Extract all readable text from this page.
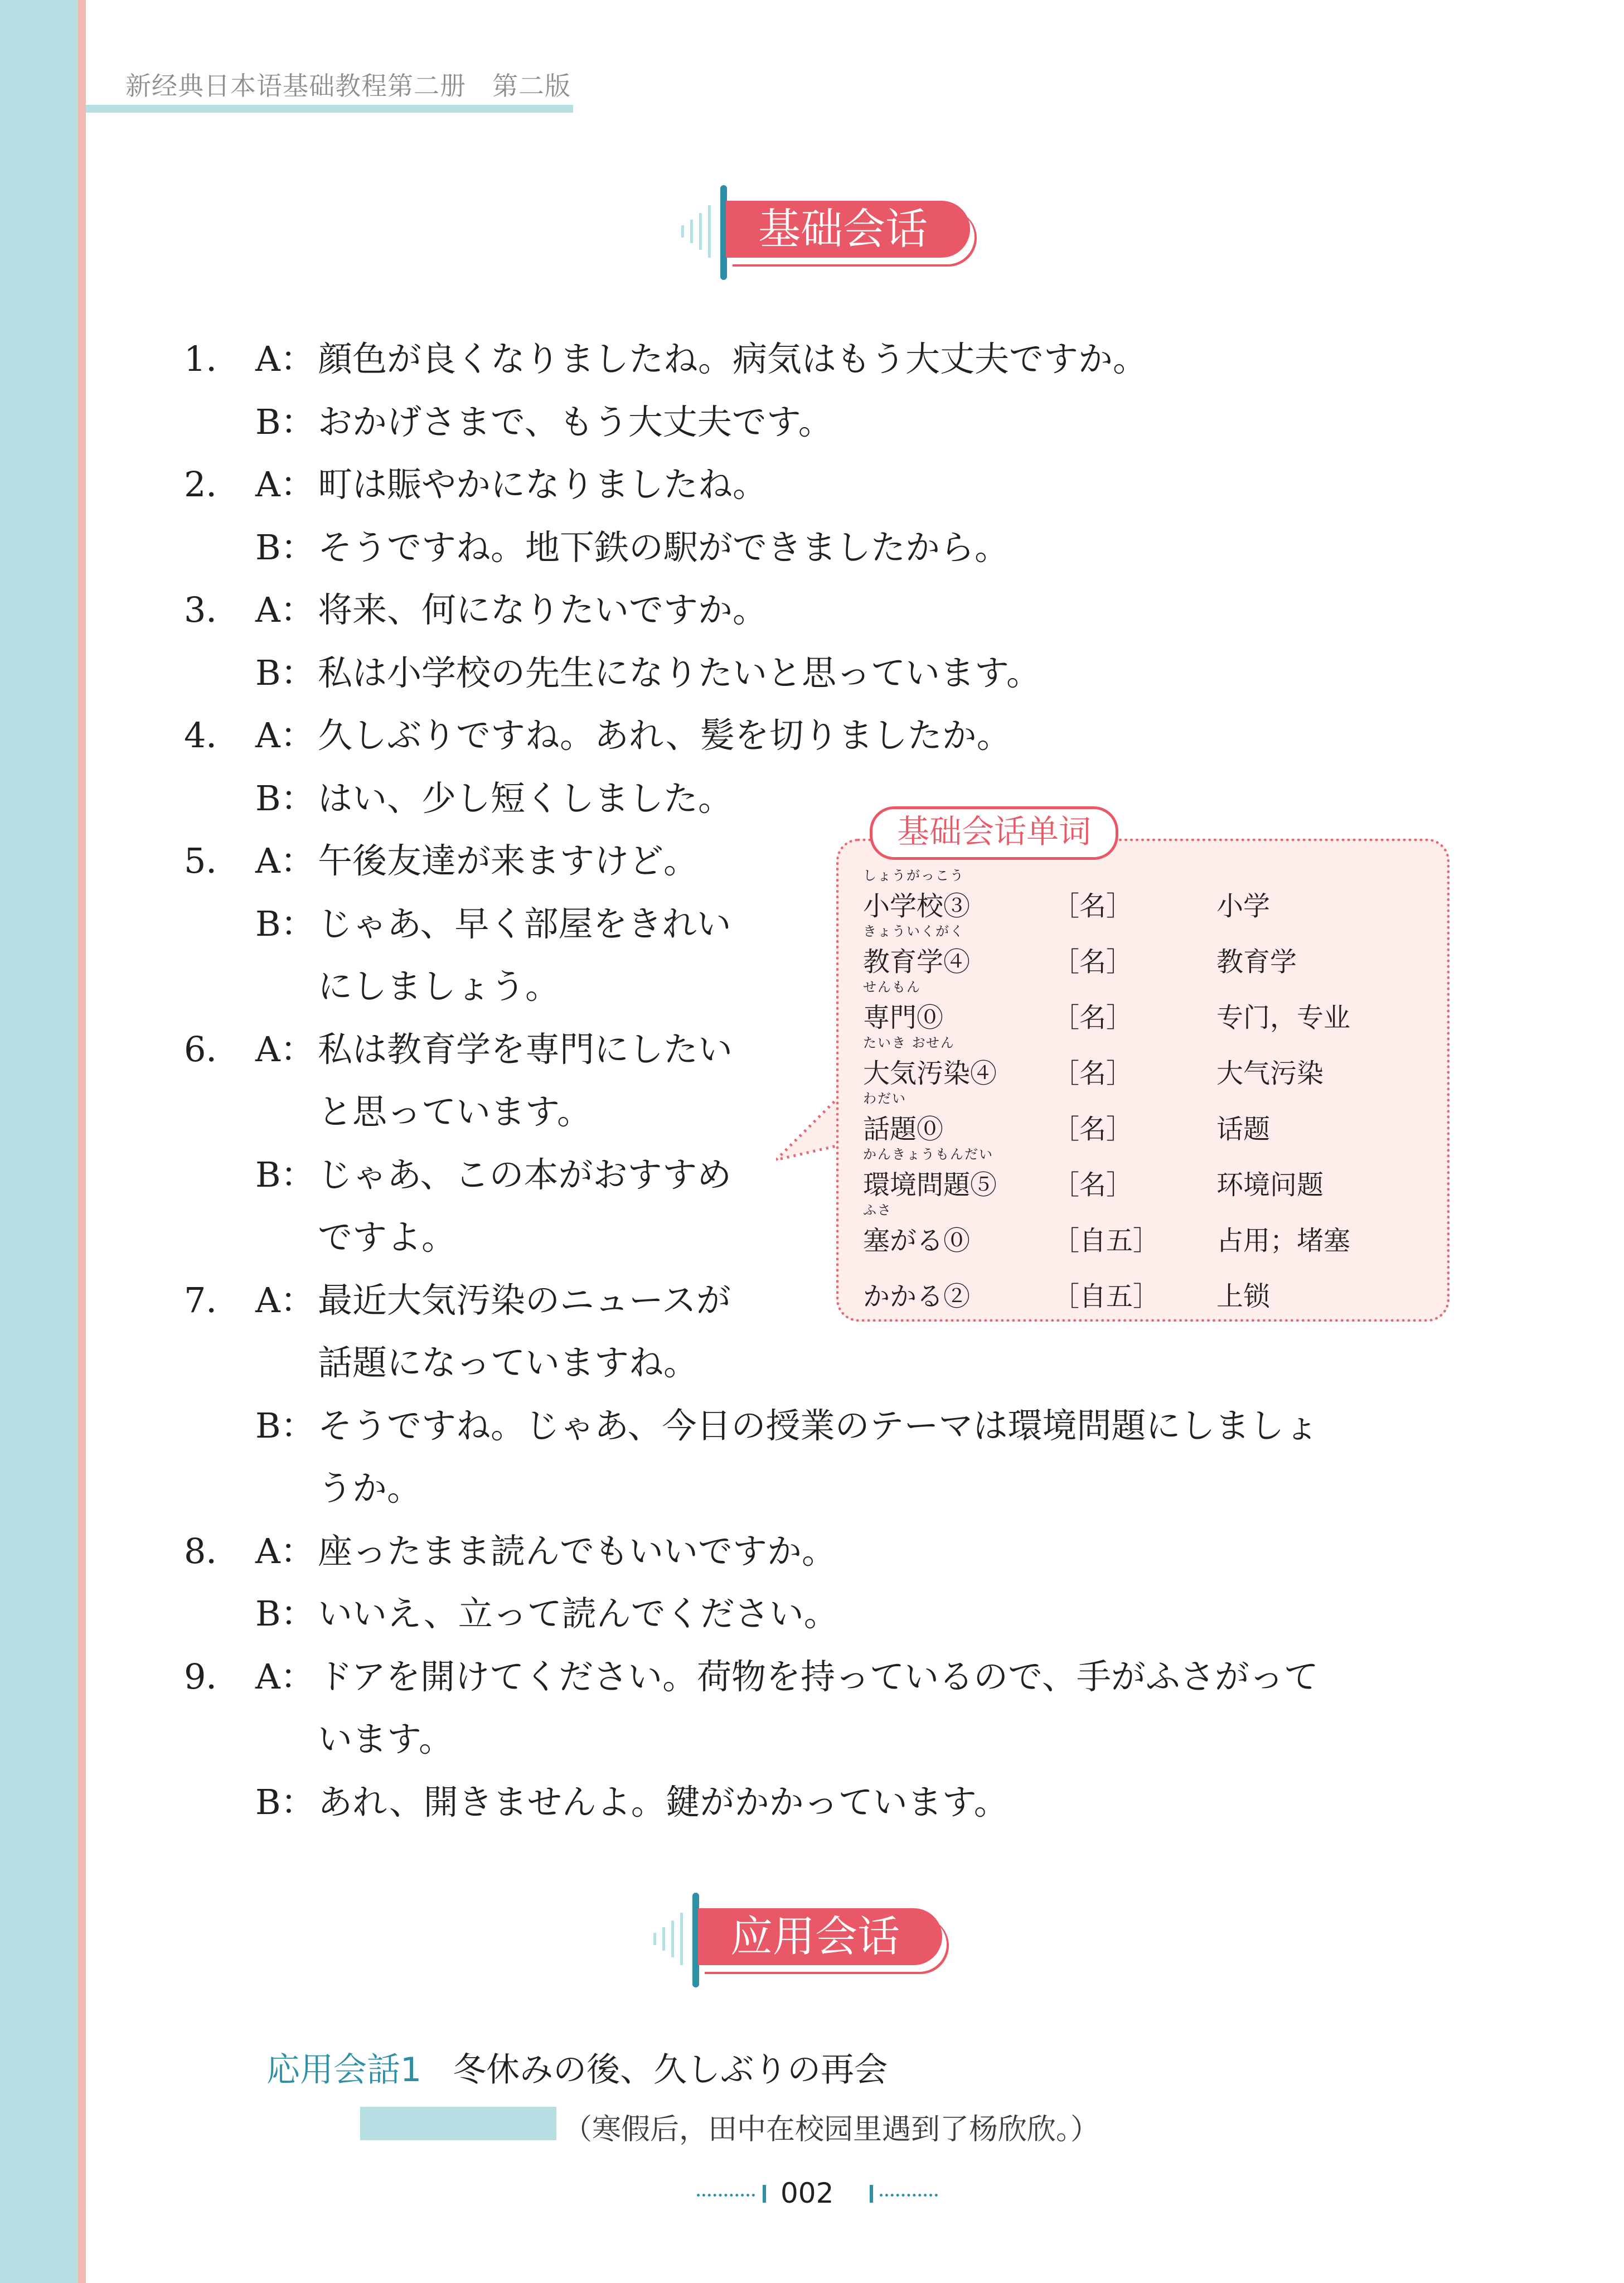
新经典日本语基础教程第二册　第二版
基础会话
1． A： 顔色が良くなりましたね。病気はもう大丈夫ですか。
B： おかげさまで、もう大丈夫です。
2． A： 町は賑やかになりましたね。
B： そうですね。地下鉄の駅ができましたから。
3． A： 将来、何になりたいですか。
B： 私は小学校の先生になりたいと思っています。
4． A： 久しぶりですね。あれ、髪を切りましたか。
B： はい、少し短くしました。
5． A： 午後友達が来ますけど。
B： じゃあ、早く部屋をきれい
にしましょう。
6． A： 私は教育学を専門にしたい
と思っています。
B： じゃあ、この本がおすすめ
ですよ。
7． A： 最近大気汚染のニュースが
話題になっていますね。
B： そうですね。じゃあ、今日の授業のテーマは環境問題にしましょ
うか。
8． A： 座ったまま読んでもいいですか。
B： いいえ、立って読んでください。
9． A： ドアを開けてください。荷物を持っているので、手がふさがって
います。
B： あれ、開きませんよ。鍵がかかっています。
基础会话单词
しょうがっこう
小学校③	［名］	小学
きょういくがく
教育学④	［名］	教育学
せんもん
専門⓪	［名］	专门，专业
たいき おせん
大気汚染④ ［名］	大气污染
わだい
話題⓪	［名］	话题
かんきょうもんだい
環境問題⑤ ［名］	环境问题
ふさ
塞がる⓪	［自五］ 占用；堵塞
かかる②	［自五］ 上锁
应用会话
応用会話1 冬休みの後、久しぶりの再会
（寒假后，田中在校园里遇到了杨欣欣。）
002
